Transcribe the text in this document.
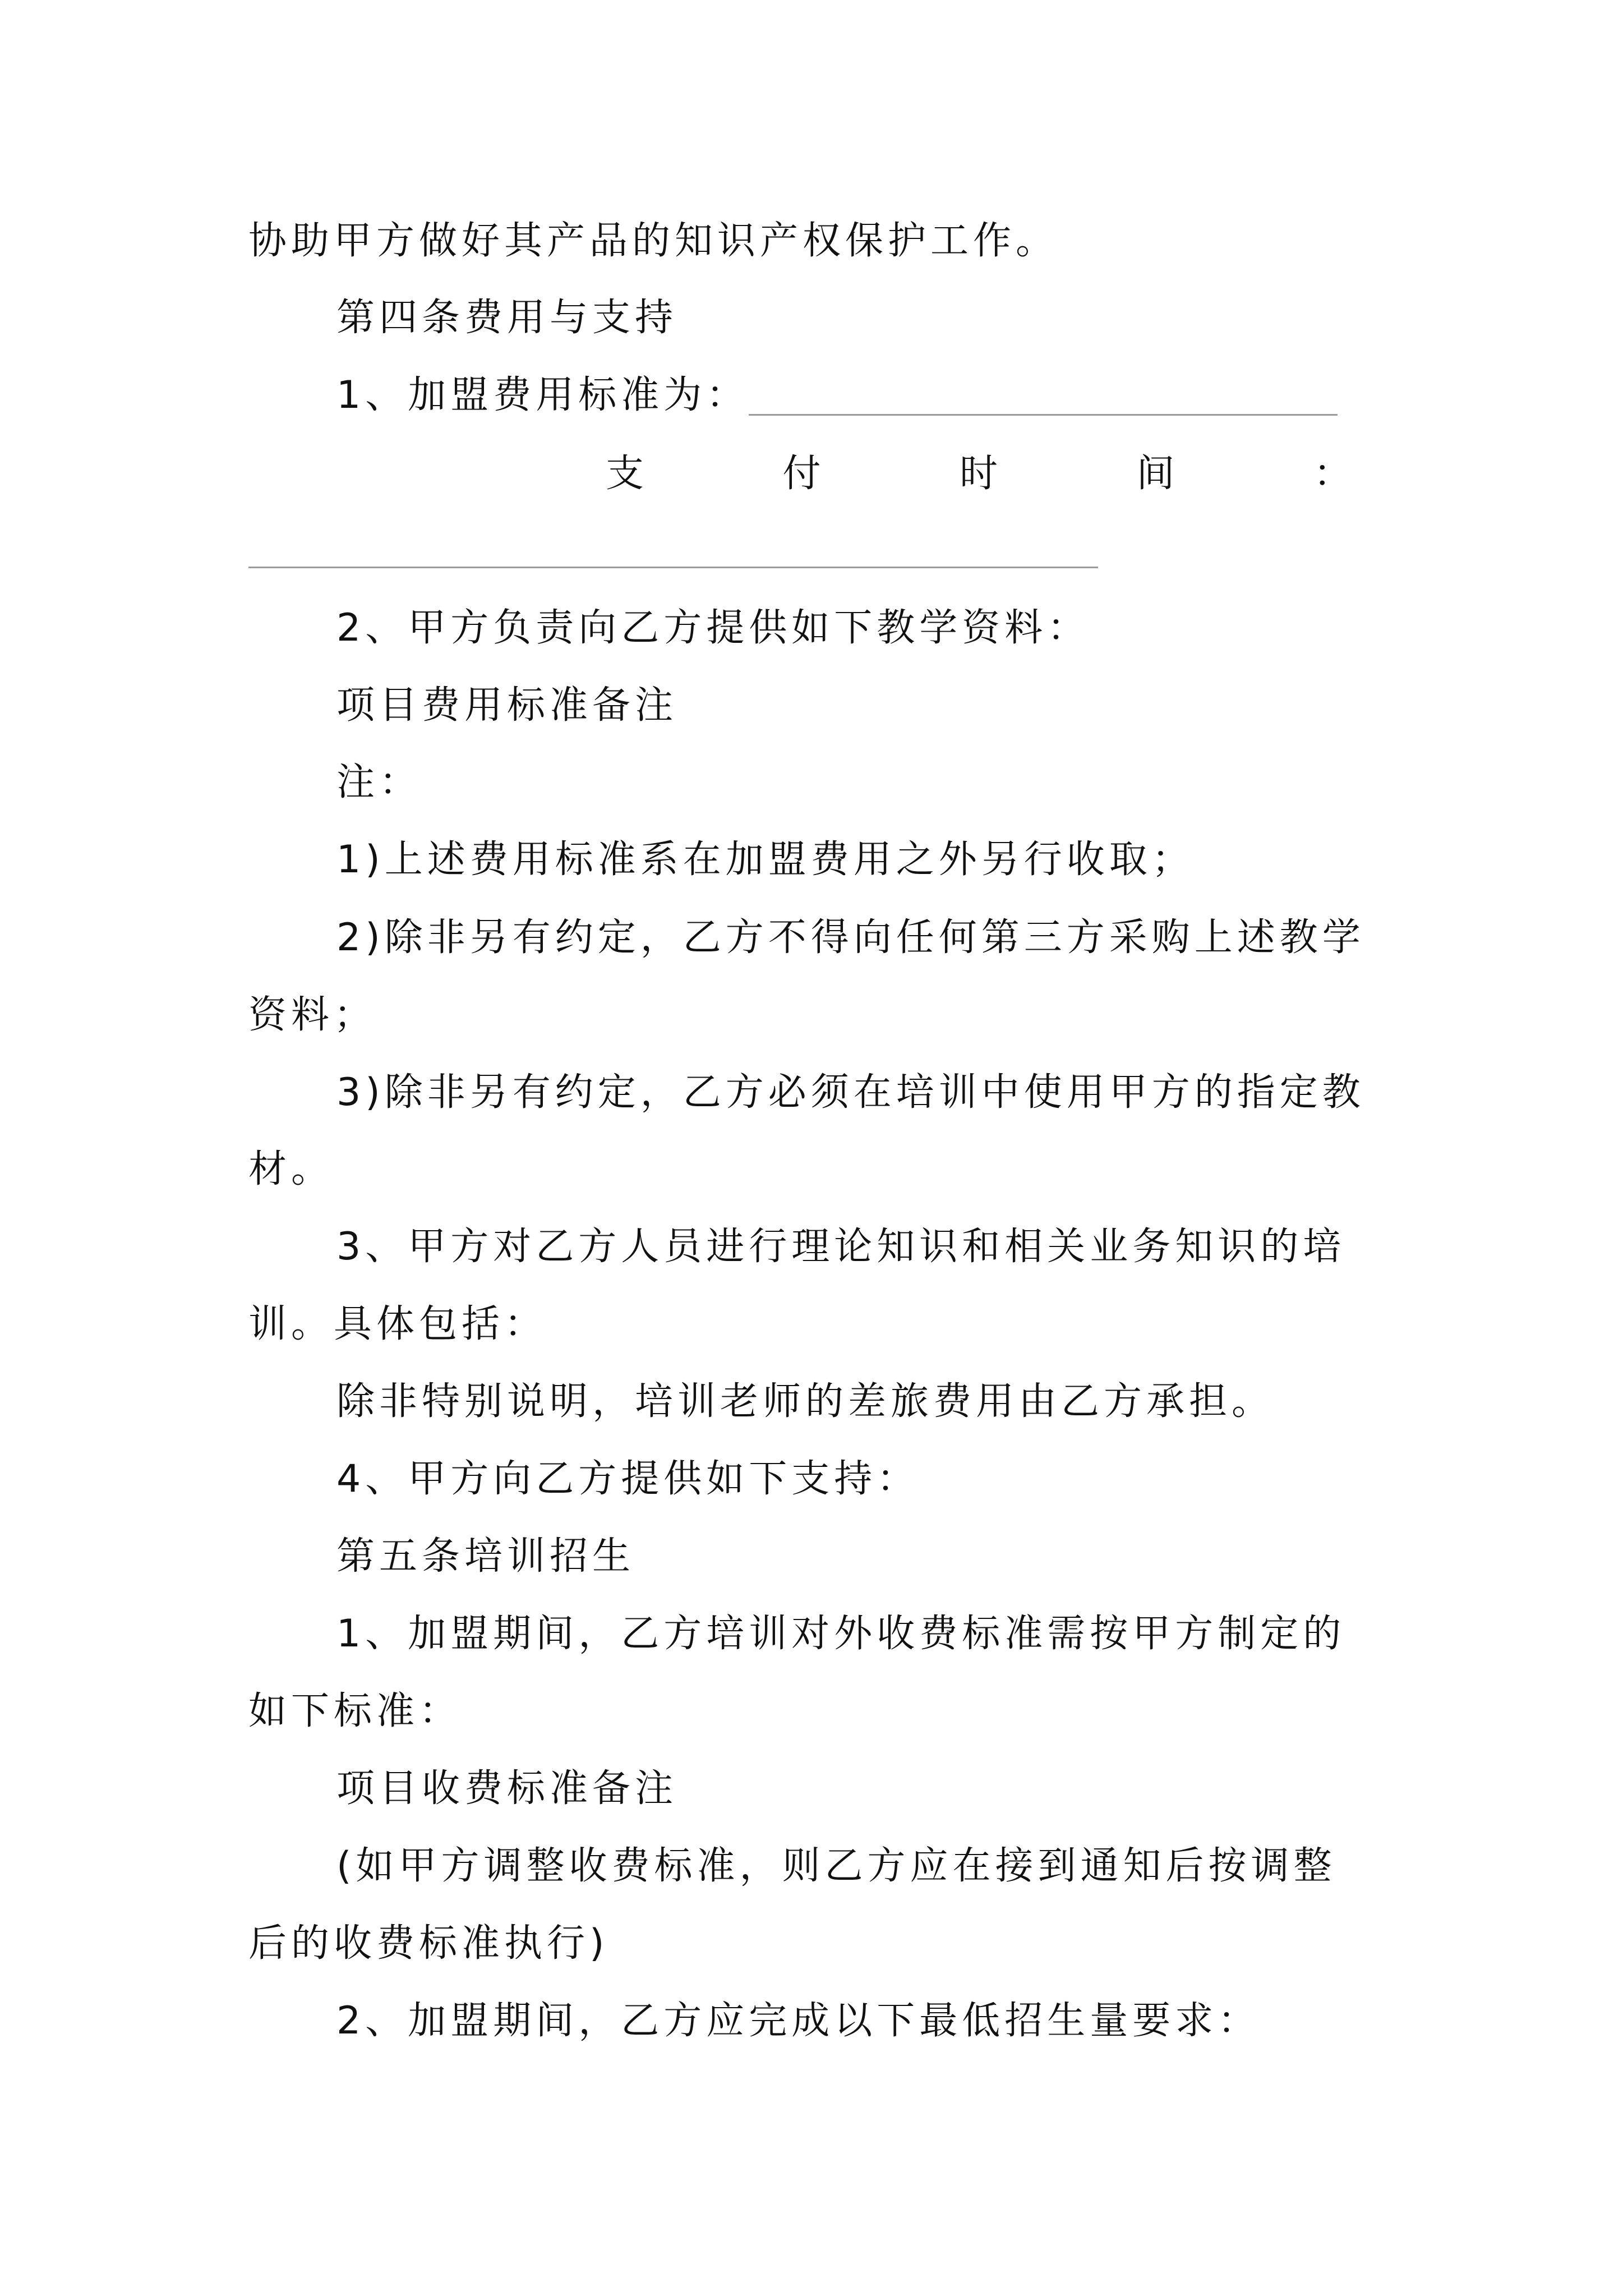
协助甲方做好其产品的知识产权保护工作。
第四条费用与支持
1、加盟费用标准为：
支	付	时	间	：
2、甲方负责向乙方提供如下教学资料：
项目费用标准备注
注：
1)上述费用标准系在加盟费用之外另行收取；
2)除非另有约定，乙方不得向任何第三方采购上述教学
资料；
3)除非另有约定，乙方必须在培训中使用甲方的指定教
材。
3、甲方对乙方人员进行理论知识和相关业务知识的培
训。具体包括：
除非特别说明，培训老师的差旅费用由乙方承担。
4、甲方向乙方提供如下支持：
第五条培训招生
1、加盟期间，乙方培训对外收费标准需按甲方制定的
如下标准：
项目收费标准备注
(如甲方调整收费标准，则乙方应在接到通知后按调整
后的收费标准执行)
2、加盟期间，乙方应完成以下最低招生量要求：
